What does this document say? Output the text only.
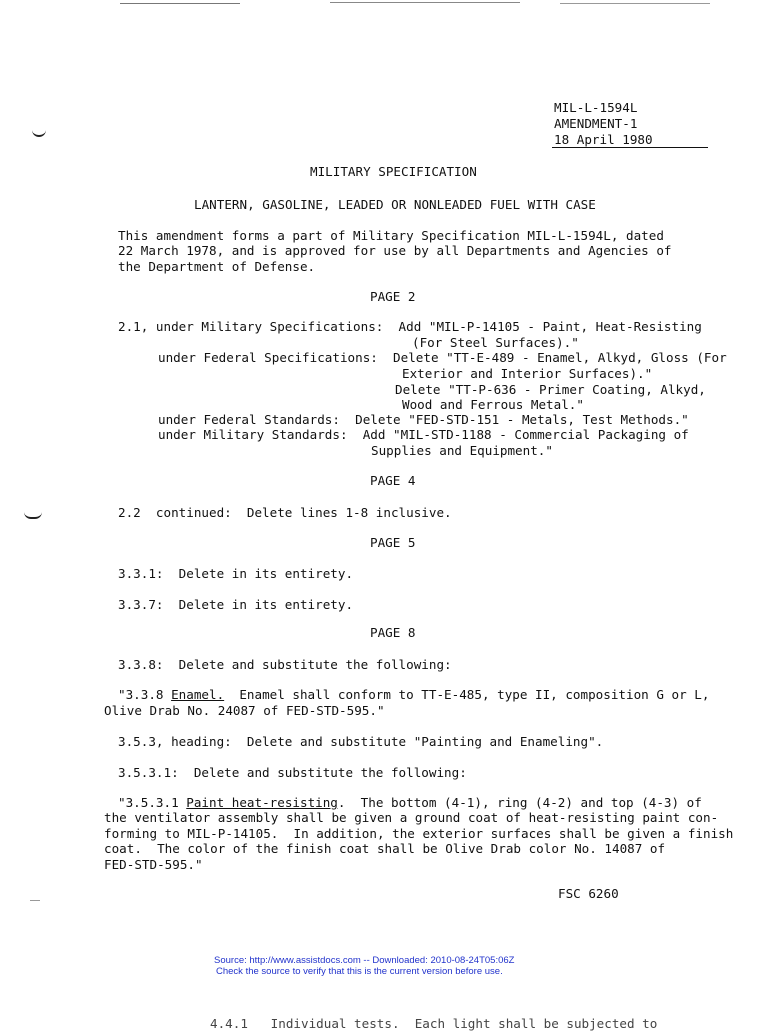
MIL-L-1594L
AMENDMENT-1
18 April 1980
MILITARY SPECIFICATION
LANTERN, GASOLINE, LEADED OR NONLEADED FUEL WITH CASE
This amendment forms a part of Military Specification MIL-L-1594L, dated
22 March 1978, and is approved for use by all Departments and Agencies of
the Department of Defense.
PAGE 2
2.1, under Military Specifications:  Add "MIL-P-14105 - Paint, Heat-Resisting
(For Steel Surfaces)."
under Federal Specifications:  Delete "TT-E-489 - Enamel, Alkyd, Gloss (For
Exterior and Interior Surfaces)."
Delete "TT-P-636 - Primer Coating, Alkyd,
Wood and Ferrous Metal."
under Federal Standards:  Delete "FED-STD-151 - Metals, Test Methods."
under Military Standards:  Add "MIL-STD-1188 - Commercial Packaging of
Supplies and Equipment."
PAGE 4
2.2  continued:  Delete lines 1-8 inclusive.
PAGE 5
3.3.1:  Delete in its entirety.
3.3.7:  Delete in its entirety.
PAGE 8
3.3.8:  Delete and substitute the following:
"3.3.8 Enamel.  Enamel shall conform to TT-E-485, type II, composition G or L,
Olive Drab No. 24087 of FED-STD-595."
3.5.3, heading:  Delete and substitute "Painting and Enameling".
3.5.3.1:  Delete and substitute the following:
"3.5.3.1 Paint heat-resisting.  The bottom (4-1), ring (4-2) and top (4-3) of
the ventilator assembly shall be given a ground coat of heat-resisting paint con-
forming to MIL-P-14105.  In addition, the exterior surfaces shall be given a finish
coat.  The color of the finish coat shall be Olive Drab color No. 14087 of
FED-STD-595."
FSC 6260
Source: http://www.assistdocs.com -- Downloaded: 2010-08-24T05:06Z
Check the source to verify that this is the current version before use.
4.4.1   Individual tests.  Each light shall be subjected to
